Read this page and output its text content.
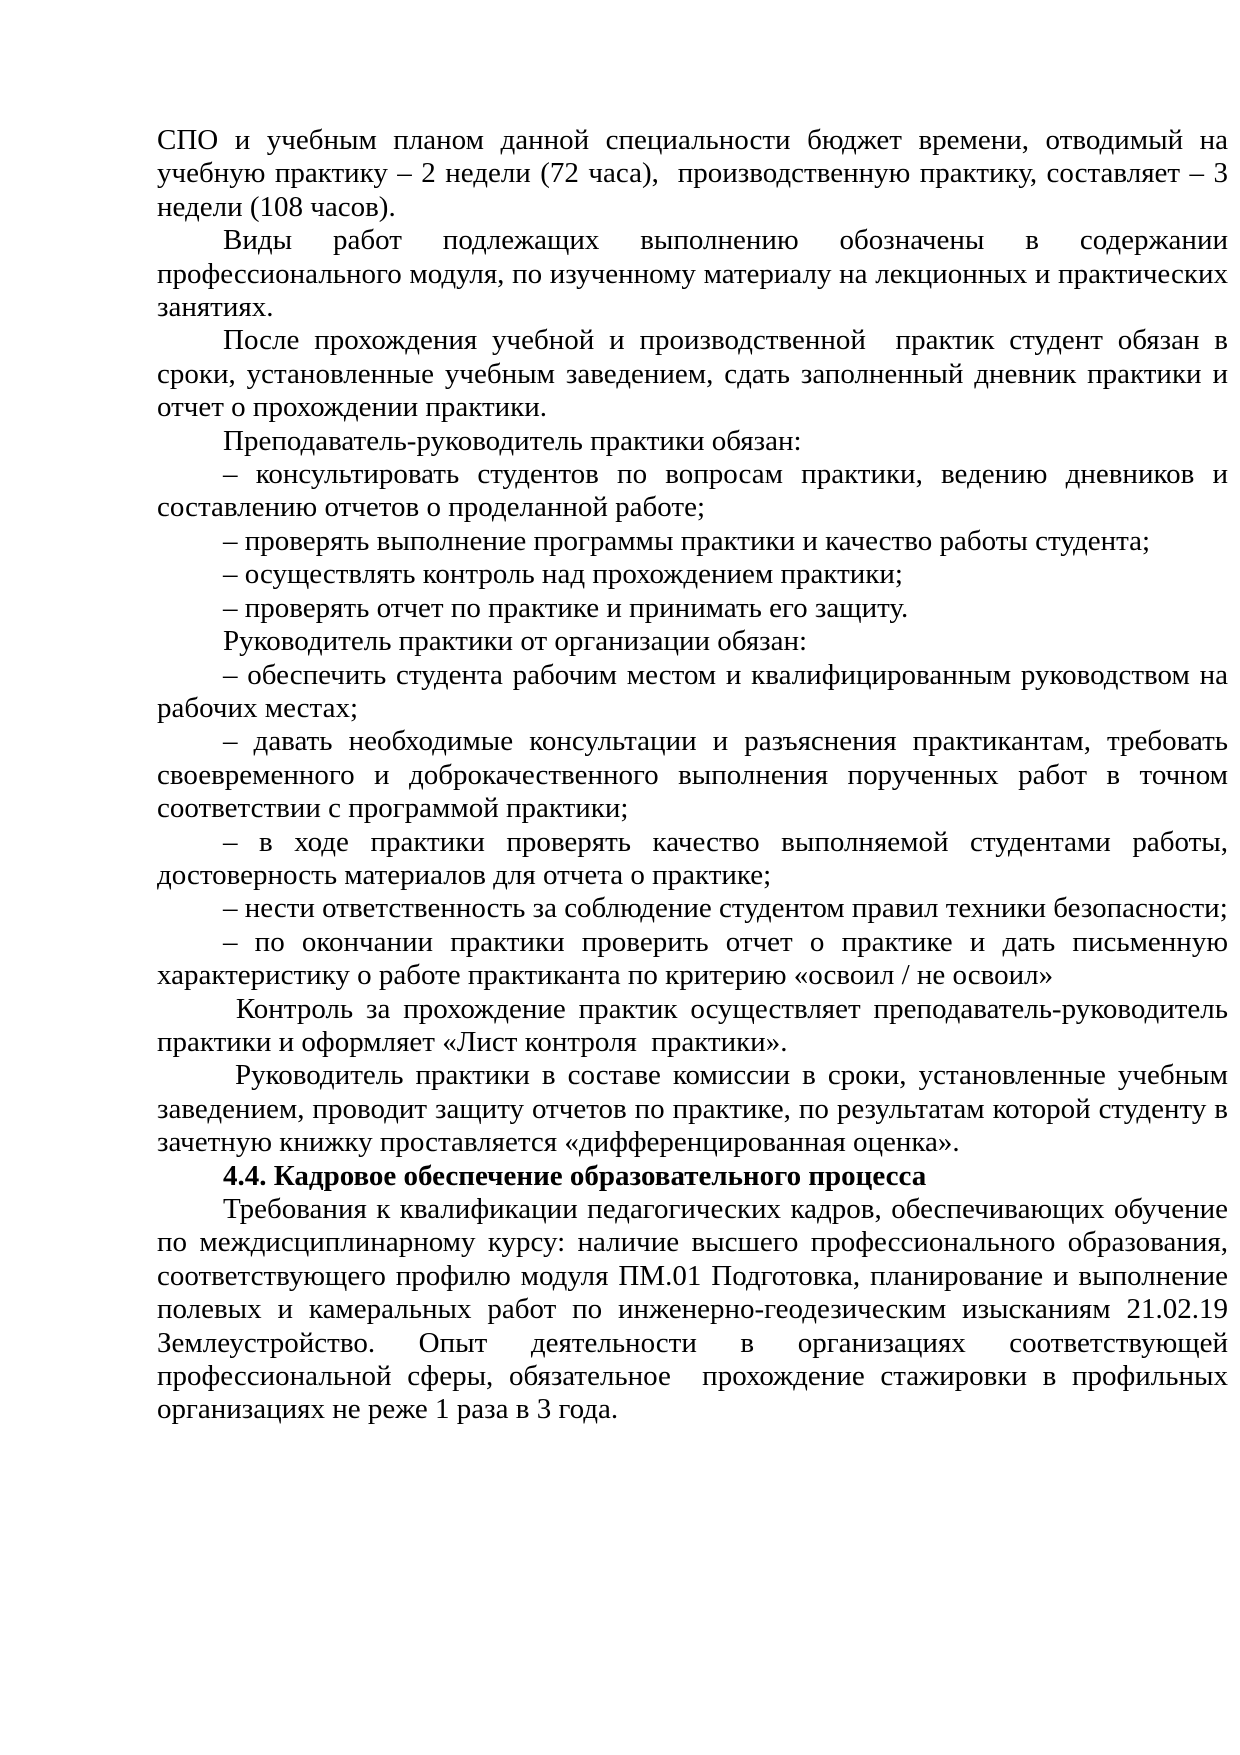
СПО и учебным планом данной специальности бюджет времени, отводимый на учебную практику – 2 недели (72 часа),  производственную практику, составляет – 3 недели (108 часов).

Виды работ подлежащих выполнению обозначены в содержании профессионального модуля, по изученному материалу на лекционных и практических занятиях.

После прохождения учебной и производственной  практик студент обязан в сроки, установленные учебным заведением, сдать заполненный дневник практики и отчет о прохождении практики.

Преподаватель-руководитель практики обязан:

– консультировать студентов по вопросам практики, ведению дневников и составлению отчетов о проделанной работе;

– проверять выполнение программы практики и качество работы студента;

– осуществлять контроль над прохождением практики;

– проверять отчет по практике и принимать его защиту.

Руководитель практики от организации обязан:

– обеспечить студента рабочим местом и квалифицированным руководством на рабочих местах;

– давать необходимые консультации и разъяснения практикантам, требовать своевременного и доброкачественного выполнения порученных работ в точном соответствии с программой практики;

– в ходе практики проверять качество выполняемой студентами работы, достоверность материалов для отчета о практике;

– нести ответственность за соблюдение студентом правил техники безопасности;

– по окончании практики проверить отчет о практике и дать письменную характеристику о работе практиканта по критерию «освоил / не освоил»

Контроль за прохождение практик осуществляет преподаватель-руководитель практики и оформляет «Лист контроля  практики».

Руководитель практики в составе комиссии в сроки, установленные учебным заведением, проводит защиту отчетов по практике, по результатам которой студенту в зачетную книжку проставляется «дифференцированная оценка».

4.4. Кадровое обеспечение образовательного процесса

Требования к квалификации педагогических кадров, обеспечивающих обучение по междисциплинарному курсу: наличие высшего профессионального образования, соответствующего профилю модуля ПМ.01 Подготовка, планирование и выполнение полевых и камеральных работ по инженерно-геодезическим изысканиям 21.02.19 Землеустройство. Опыт деятельности в организациях соответствующей профессиональной сферы, обязательное  прохождение стажировки в профильных организациях не реже 1 раза в 3 года.
